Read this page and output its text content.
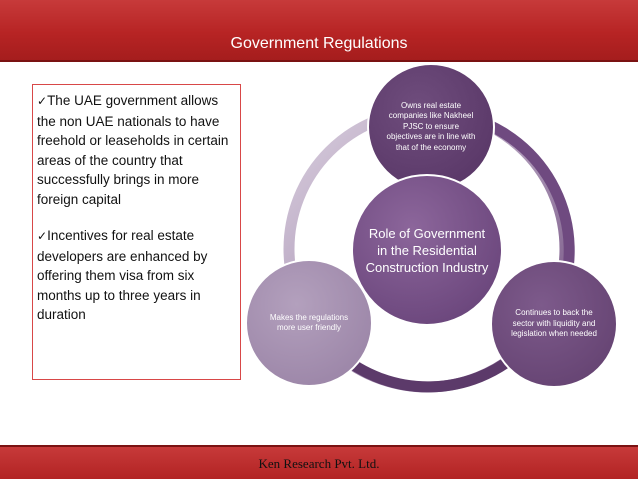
Government Regulations

✓The UAE government allows the non UAE nationals to have freehold or leaseholds in certain areas of the country that successfully brings in more foreign capital

✓Incentives for real estate developers are enhanced by offering them visa from six months up to three years in duration

Owns real estate companies like Nakheel PJSC to ensure objectives are in line with that of the economy
Makes the regulations more user friendly
Continues to back the sector with liquidity and legislation when needed
Role of Government in the Residential Construction Industry
Ken Research Pvt. Ltd.
